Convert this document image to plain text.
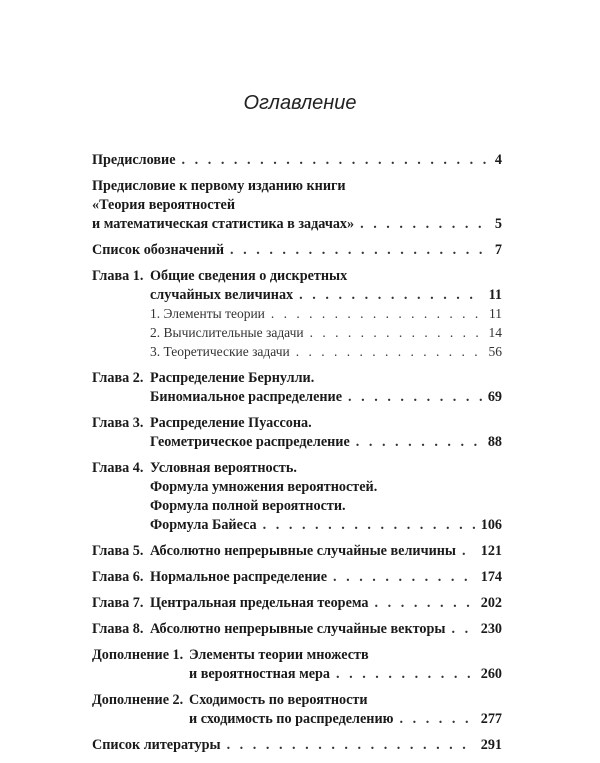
Оглавление
Предисловие . . .	4
Предисловие к первому изданию книги
«Теория вероятностей
и математическая статистика в задачах» . . .	5
Список обозначений . . .	7
Глава 1. Общие сведения о дискретных
случайных величинах . . .	11
1. Элементы теории . . .	11
2. Вычислительные задачи . . .	14
3. Теоретические задачи . . .	56
Глава 2. Распределение Бернулли.
Биномиальное распределение . . .	69
Глава 3. Распределение Пуассона.
Геометрическое распределение . . .	88
Глава 4. Условная вероятность.
Формула умножения вероятностей.
Формула полной вероятности.
Формула Байеса . . .	106
Глава 5. Абсолютно непрерывные случайные величины . . . 121
Глава 6. Нормальное распределение . . .	174
Глава 7. Центральная предельная теорема . . .	202
Глава 8. Абсолютно непрерывные случайные векторы . . . 230
Дополнение 1. Элементы теории множеств
и вероятностная мера . . .	260
Дополнение 2. Сходимость по вероятности
и сходимость по распределению . . .	277
Список литературы . . .	291
